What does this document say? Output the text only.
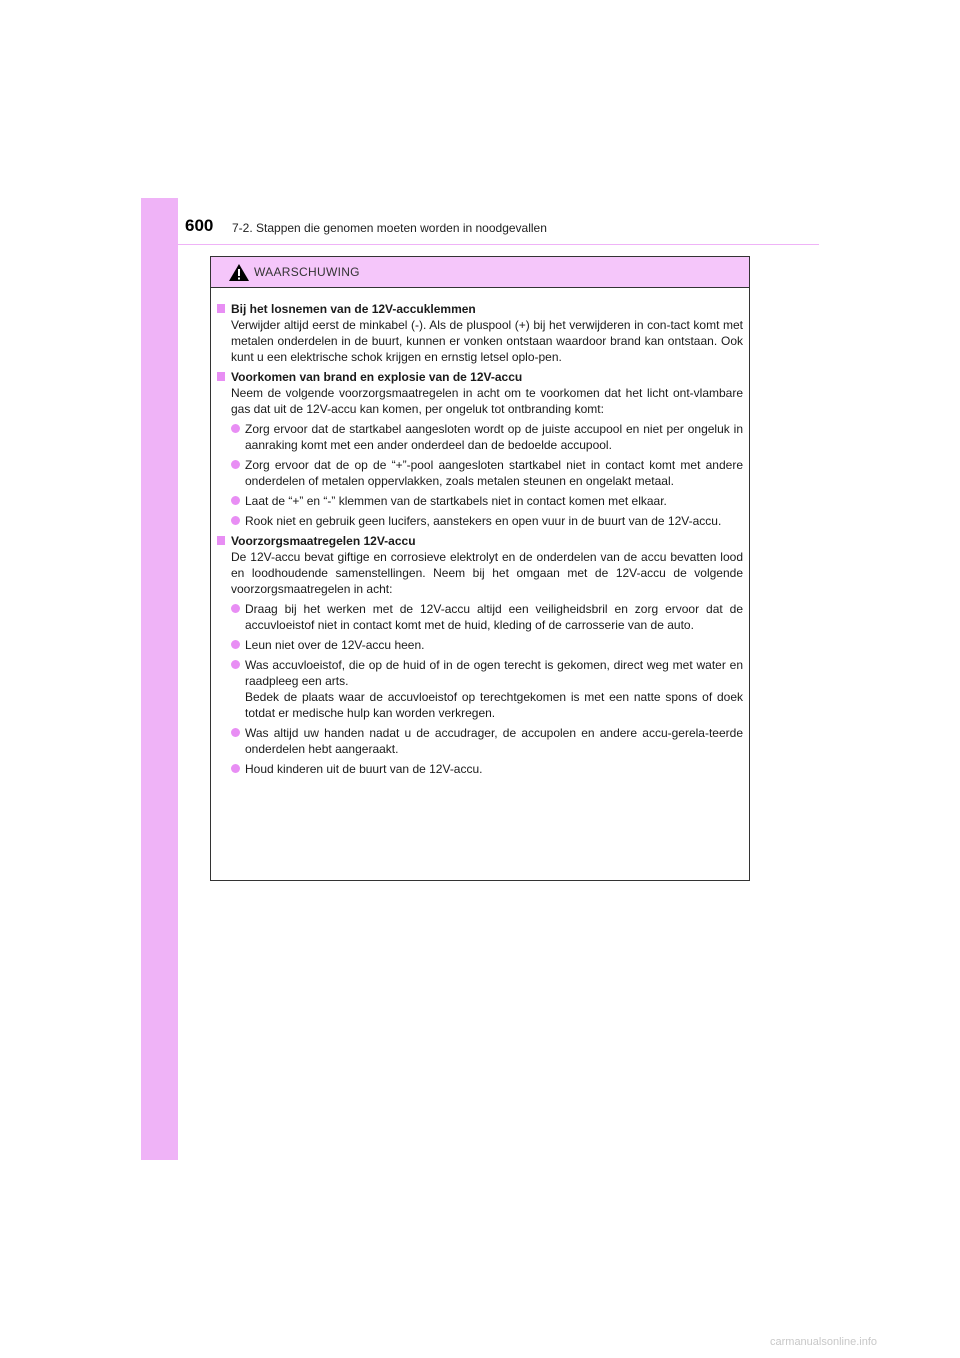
600 7-2. Stappen die genomen moeten worden in noodgevallen
WAARSCHUWING
Bij het losnemen van de 12V-accuklemmen
Verwijder altijd eerst de minkabel (-). Als de pluspool (+) bij het verwijderen in con-tact komt met metalen onderdelen in de buurt, kunnen er vonken ontstaan waardoor brand kan ontstaan. Ook kunt u een elektrische schok krijgen en ernstig letsel oplo-pen.
Voorkomen van brand en explosie van de 12V-accu
Neem de volgende voorzorgsmaatregelen in acht om te voorkomen dat het licht ont-vlambare gas dat uit de 12V-accu kan komen, per ongeluk tot ontbranding komt:
Zorg ervoor dat de startkabel aangesloten wordt op de juiste accupool en niet per ongeluk in aanraking komt met een ander onderdeel dan de bedoelde accupool.
Zorg ervoor dat de op de “+”-pool aangesloten startkabel niet in contact komt met andere onderdelen of metalen oppervlakken, zoals metalen steunen en ongelakt metaal.
Laat de “+” en “-” klemmen van de startkabels niet in contact komen met elkaar.
Rook niet en gebruik geen lucifers, aanstekers en open vuur in de buurt van de 12V-accu.
Voorzorgsmaatregelen 12V-accu
De 12V-accu bevat giftige en corrosieve elektrolyt en de onderdelen van de accu bevatten lood en loodhoudende samenstellingen. Neem bij het omgaan met de 12V-accu de volgende voorzorgsmaatregelen in acht:
Draag bij het werken met de 12V-accu altijd een veiligheidsbril en zorg ervoor dat de accuvloeistof niet in contact komt met de huid, kleding of de carrosserie van de auto.
Leun niet over de 12V-accu heen.
Was accuvloeistof, die op de huid of in de ogen terecht is gekomen, direct weg met water en raadpleeg een arts.
Bedek de plaats waar de accuvloeistof op terechtgekomen is met een natte spons of doek totdat er medische hulp kan worden verkregen.
Was altijd uw handen nadat u de accudrager, de accupolen en andere accu-gerela-teerde onderdelen hebt aangeraakt.
Houd kinderen uit de buurt van de 12V-accu.
carmanualsonline.info
